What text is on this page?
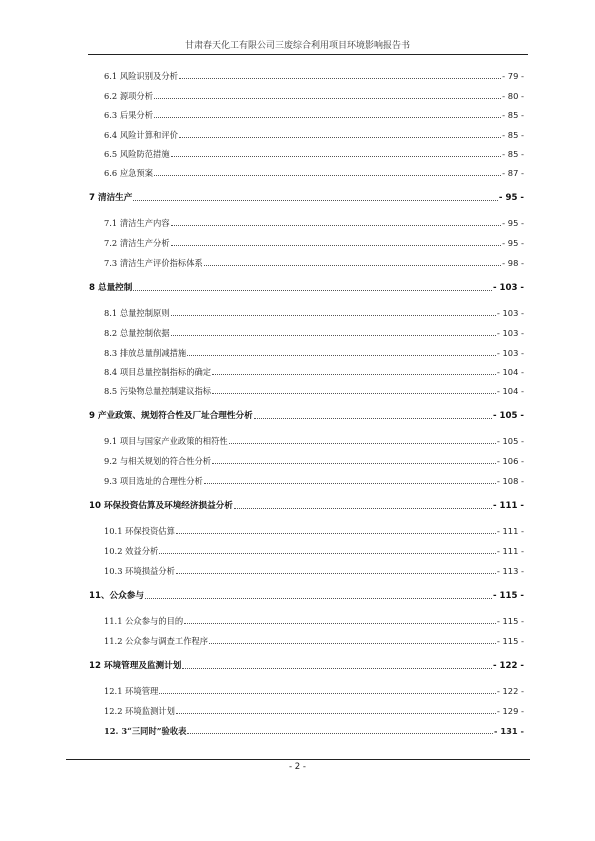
甘肃春天化工有限公司三废综合利用项目环境影响报告书
6.1 风险识别及分析	- 79 -
6.2 源项分析	- 80 -
6.3 后果分析	- 85 -
6.4 风险计算和评价	- 85 -
6.5 风险防范措施	- 85 -
6.6 应急预案	- 87 -
7 清洁生产	- 95 -
7.1 清洁生产内容	- 95 -
7.2 清洁生产分析	- 95 -
7.3 清洁生产评价指标体系	- 98 -
8 总量控制	- 103 -
8.1 总量控制原则	- 103 -
8.2 总量控制依据	- 103 -
8.3 排放总量削减措施	- 103 -
8.4 项目总量控制指标的确定	- 104 -
8.5 污染物总量控制建议指标	- 104 -
9 产业政策、规划符合性及厂址合理性分析	- 105 -
9.1 项目与国家产业政策的相符性	- 105 -
9.2 与相关规划的符合性分析	- 106 -
9.3 项目选址的合理性分析	- 108 -
10 环保投资估算及环境经济损益分析	- 111 -
10.1 环保投资估算	- 111 -
10.2 效益分析	- 111 -
10.3 环境损益分析	- 113 -
11、公众参与	- 115 -
11.1 公众参与的目的	- 115 -
11.2 公众参与调查工作程序	- 115 -
12 环境管理及监测计划	- 122 -
12.1 环境管理	- 122 -
12.2 环境监测计划	- 129 -
12. 3“三同时”验收表	- 131 -
- 2 -
